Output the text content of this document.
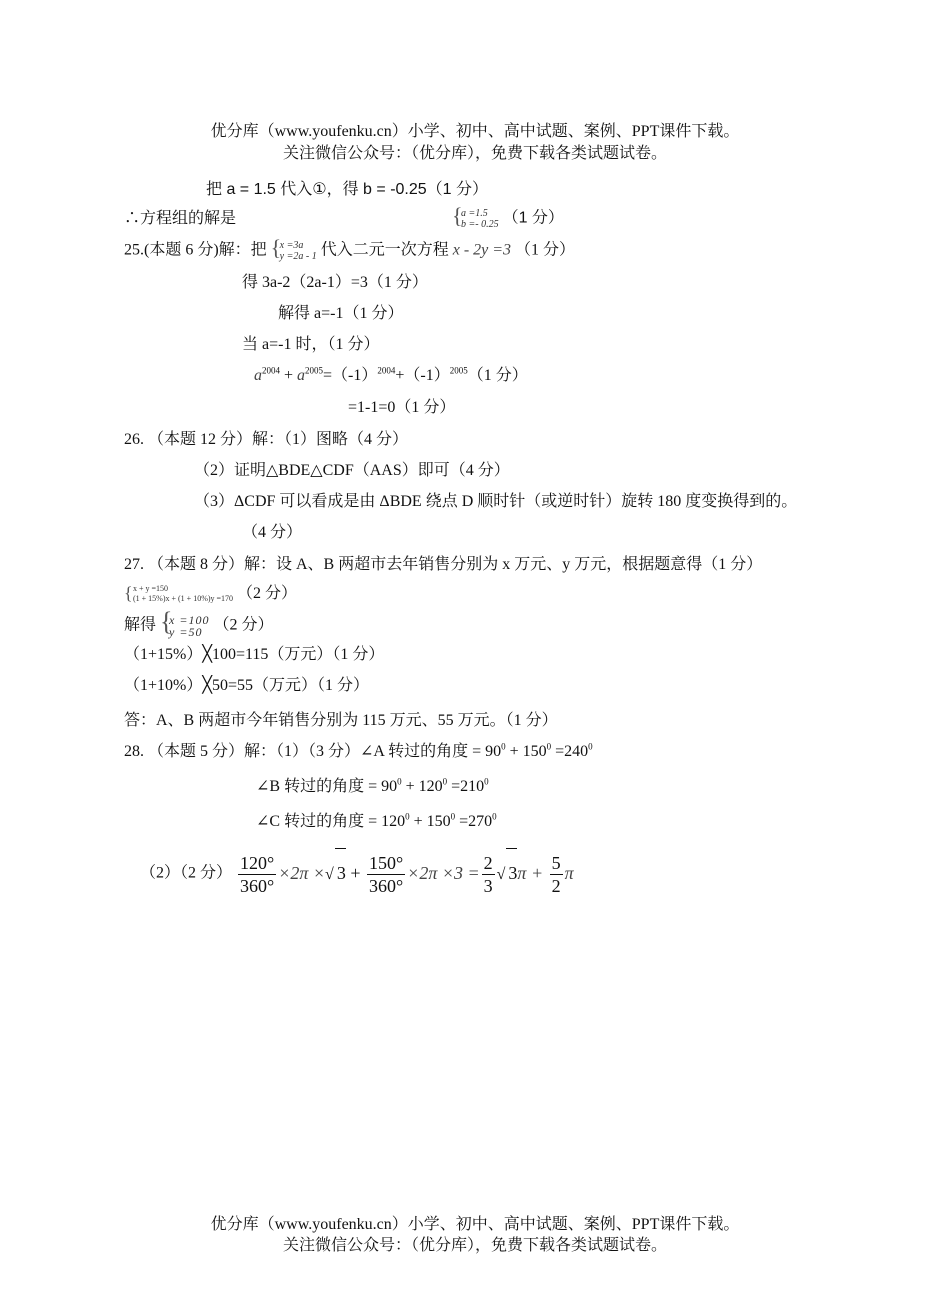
优分库（www.youfenku.cn）小学、初中、高中试题、案例、PPT课件下载。
关注微信公众号：（优分库），免费下载各类试题试卷。
把 a = 1.5 代入①，得 b = -0.25（1 分）
∴方程组的解是	{
a =1.5
b =- 0.25 （1 分）
25.(本题 6 分)解：把 {
x =3a
y =2a - 1 代入二元一次方程 x - 2y =3 （1 分）
得 3a-2（2a-1）=3（1 分）
解得 a=-1（1 分）
当 a=-1 时，（1 分）
$a^{2004} + a^{2005}=(-1)^{2004}+(-1)^{2005}(1$ 分）
=1-1=0（1 分）
26. （本题 12 分）解：（1）图略（4 分）
（2）证明△BDE△CDF（AAS）即可（4 分）
（3）ΔCDF 可以看成是由 ΔBDE 绕点 D 顺时针（或逆时针）旋转 180 度变换得到的。
（4 分）
27. （本题 8 分）解：设 A、B 两超市去年销售分别为 x 万元、y 万元，根据题意得（1 分）
{ x + y =150
(1 + 15%)x + (1 + 10%)y =170 （2 分）
解得 {
x =100
y =50 （2 分）
（1+15%）╳100=115（万元）（1 分）
（1+10%）╳50=55（万元）（1 分）
答：A、B 两超市今年销售分别为 115 万元、55 万元。（1 分）
28. （本题 5 分）解：（1）（3 分）∠A 转过的角度 = $90^0 + 150^0 =240^0$
∠B 转过的角度 = $90^0 + 120^0 =210^0$
∠C 转过的角度 = $120^0 + 150^0 =270^0$
（2）（2 分） $\frac{120^\circ}{360^\circ} \times 2\pi$ ×√ $3 + \frac{150^\circ}{360^\circ} \times 2\pi \times 3 = \frac{2}{3}$ √ $3\pi + \frac{5}{2}$ π
优分库（www.youfenku.cn）小学、初中、高中试题、案例、PPT课件下载。
关注微信公众号：（优分库），免费下载各类试题试卷。
